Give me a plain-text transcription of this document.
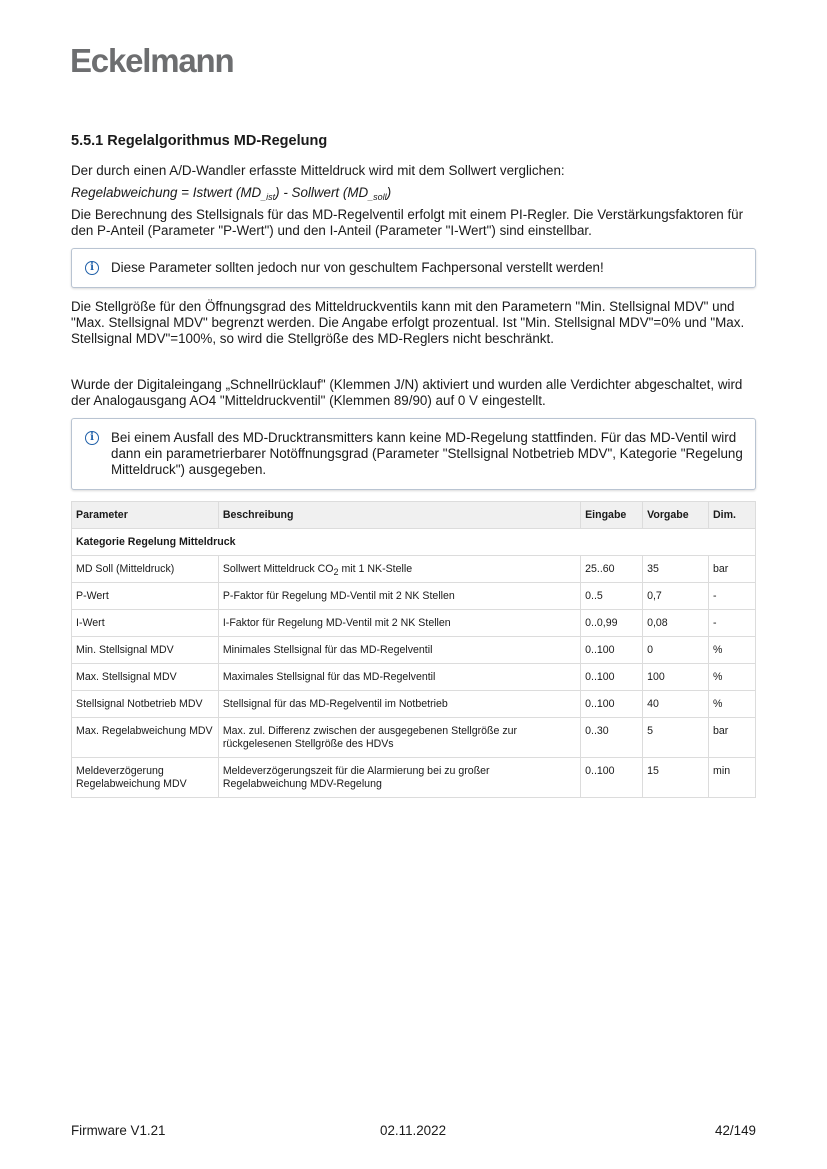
Eckelmann
5.5.1 Regelalgorithmus MD-Regelung

Der durch einen A/D-Wandler erfasste Mitteldruck wird mit dem Sollwert verglichen:

Regelabweichung = Istwert $(MD_{\_ist})$ - Sollwert $(MD_{\_soll})$

Die Berechnung des Stellsignals für das MD-Regelventil erfolgt mit einem PI-Regler. Die Verstärkungsfaktoren für den P-Anteil (Parameter "P-Wert") und den I-Anteil (Parameter "I-Wert") sind einstellbar.

i	Diese Parameter sollten jedoch nur von geschultem Fachpersonal verstellt werden!

Die Stellgröße für den Öffnungsgrad des Mitteldruckventils kann mit den Parametern "Min. Stellsignal MDV" und "Max. Stellsignal MDV" begrenzt werden. Die Angabe erfolgt prozentual. Ist "Min. Stellsignal MDV"=0% und "Max. Stellsignal MDV"=100%, so wird die Stellgröße des MD-Reglers nicht beschränkt.

Wurde der Digitaleingang „Schnellrücklauf" (Klemmen J/N) aktiviert und wurden alle Verdichter abgeschaltet, wird der Analogausgang AO4 "Mitteldruckventil" (Klemmen 89/90) auf 0 V eingestellt.

i	Bei einem Ausfall des MD-Drucktransmitters kann keine MD-Regelung stattfinden. Für das MD-Ventil wird dann ein parametrierbarer Notöffnungsgrad (Parameter "Stellsignal Notbetrieb MDV", Kategorie "Regelung Mitteldruck") ausgegeben.
Parameter	Beschreibung	Eingabe	Vorgabe	Dim.
Kategorie Regelung Mitteldruck				
MD Soll (Mitteldruck)	Sollwert Mitteldruck $CO_2$ mit 1 NK-Stelle	25..60	35	bar
P-Wert	P-Faktor für Regelung MD-Ventil mit 2 NK Stellen	0..5	0,7	-
I-Wert	I-Faktor für Regelung MD-Ventil mit 2 NK Stellen	0..0,99	0,08	-
Min. Stellsignal MDV	Minimales Stellsignal für das MD-Regelventil	0..100	0	%
Max. Stellsignal MDV	Maximales Stellsignal für das MD-Regelventil	0..100	100	%
Stellsignal Notbetrieb MDV	Stellsignal für das MD-Regelventil im Notbetrieb	0..100	40	%
Max. Regelabweichung MDV	Max. zul. Differenz zwischen der ausgegebenen Stellgröße zur rückgelesenen Stellgröße des HDVs	0..30	5	bar
Meldeverzögerung Regelabweichung MDV	Meldeverzögerungszeit für die Alarmierung bei zu großer Regelabweichung MDV-Regelung	0..100	15	min
Firmware V1.21	02.11.2022	42/149
